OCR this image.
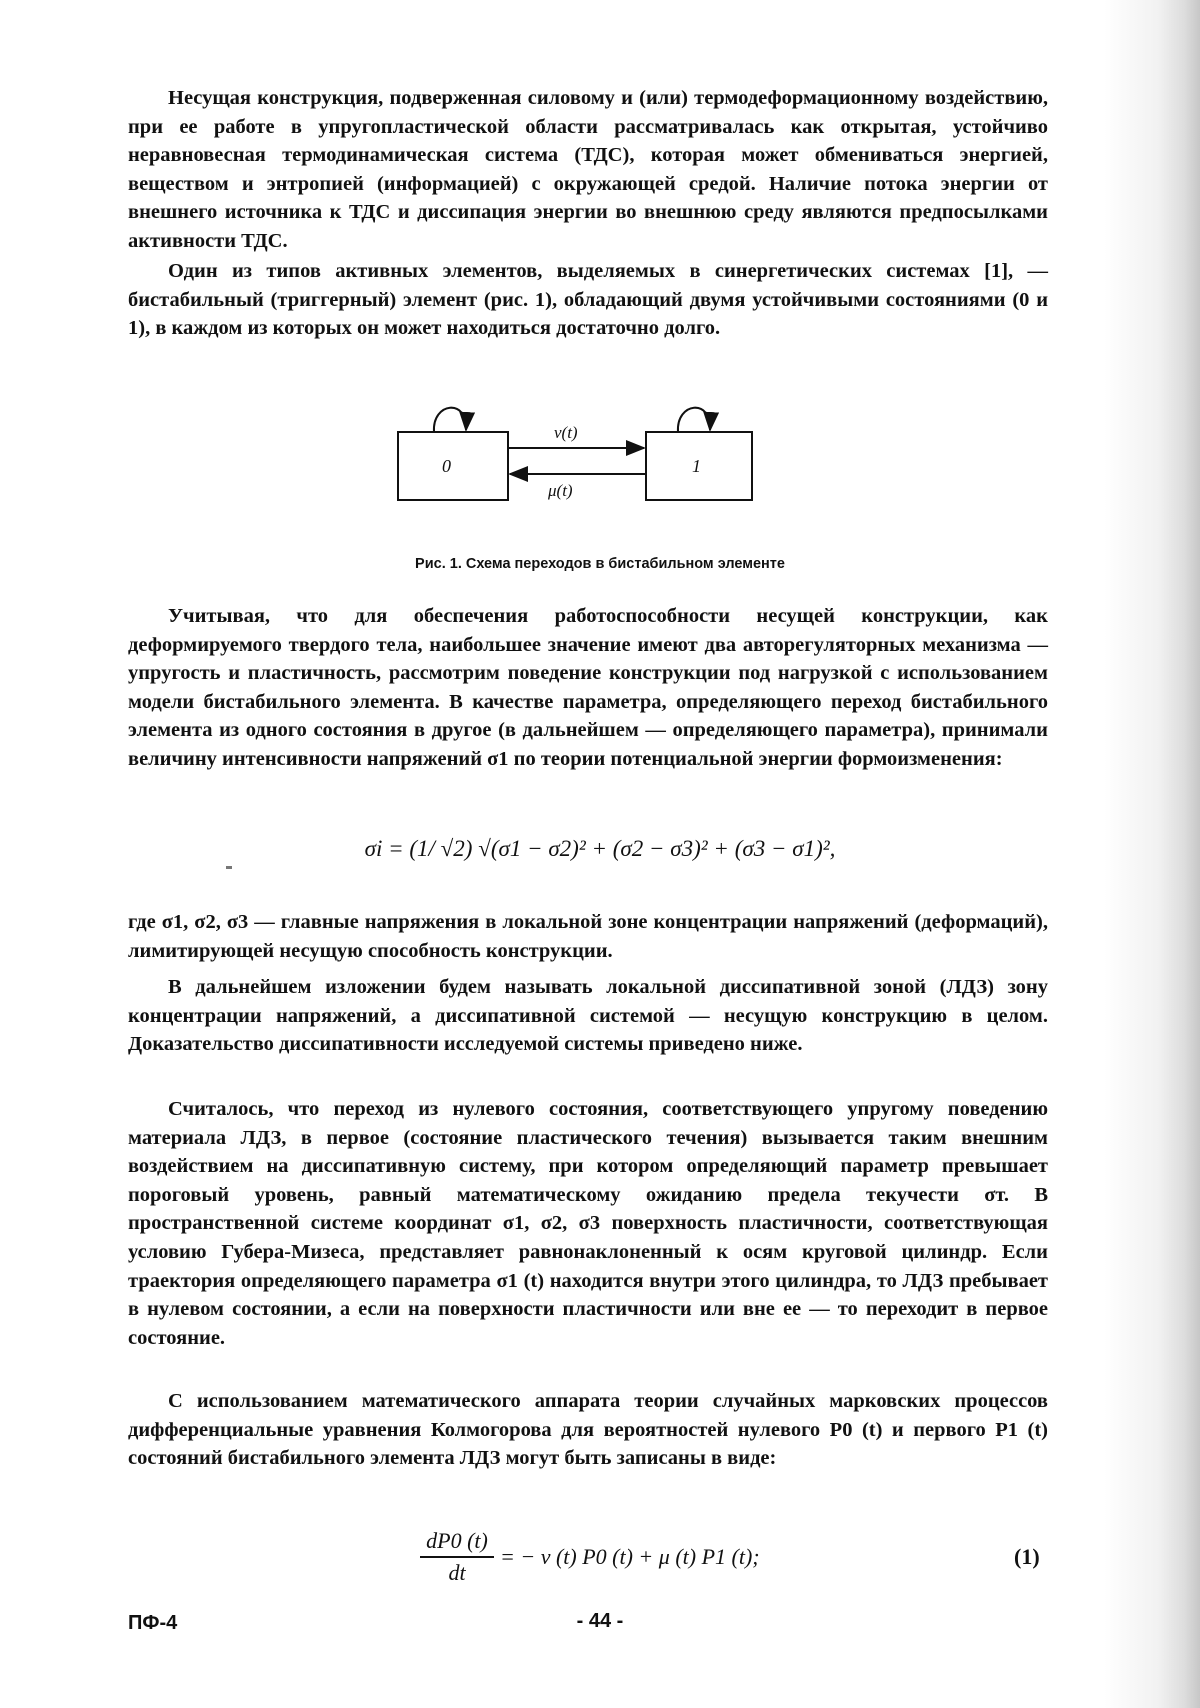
Несущая конструкция, подверженная силовому и (или) термодеформационному воздействию, при ее работе в упругопластической области рассматривалась как открытая, устойчиво неравновесная термодинамическая система (ТДС), которая может обмениваться энергией, веществом и энтропией (информацией) с окружающей средой. Наличие потока энергии от внешнего источника к ТДС и диссипация энергии во внешнюю среду являются предпосылками активности ТДС.

Один из типов активных элементов, выделяемых в синергетических системах [1], — бистабильный (триггерный) элемент (рис. 1), обладающий двумя устойчивыми состояниями (0 и 1), в каждом из которых он может находиться достаточно долго.

0	1
ν(t)
μ(t)
Рис. 1. Схема переходов в бистабильном элементе

Учитывая, что для обеспечения работоспособности несущей конструкции, как деформируемого твердого тела, наибольшее значение имеют два авторегуляторных механизма — упругость и пластичность, рассмотрим поведение конструкции под нагрузкой с использованием модели бистабильного элемента. В качестве параметра, определяющего переход бистабильного элемента из одного состояния в другое (в дальнейшем — определяющего параметра), принимали величину интенсивности напряжений σ1 по теории потенциальной энергии формоизменения:

σi = (1/ √2) √(σ1 − σ2)² + (σ2 − σ3)² + (σ3 − σ1)²,

где σ1, σ2, σ3 — главные напряжения в локальной зоне концентрации напряжений (деформаций), лимитирующей несущую способность конструкции.

В дальнейшем изложении будем называть локальной диссипативной зоной (ЛДЗ) зону концентрации напряжений, а диссипативной системой — несущую конструкцию в целом. Доказательство диссипативности исследуемой системы приведено ниже.

Считалось, что переход из нулевого состояния, соответствующего упругому поведению материала ЛДЗ, в первое (состояние пластического течения) вызывается таким внешним воздействием на диссипативную систему, при котором определяющий параметр превышает пороговый уровень, равный математическому ожиданию предела текучести σт. В пространственной системе координат σ1, σ2, σ3 поверхность пластичности, соответствующая условию Губера-Мизеса, представляет равнонаклоненный к осям круговой цилиндр. Если траектория определяющего параметра σ1 (t) находится внутри этого цилиндра, то ЛДЗ пребывает в нулевом состоянии, а если на поверхности пластичности или вне ее — то переходит в первое состояние.

С использованием математического аппарата теории случайных марковских процессов дифференциальные уравнения Колмогорова для вероятностей нулевого P0 (t) и первого P1 (t) состояний бистабильного элемента ЛДЗ могут быть записаны в виде:

$\frac{dP0 (t)}{dt}$ = − ν (t) P0 (t) + μ (t) P1 (t);	(1)
ПФ-4	- 44 -
